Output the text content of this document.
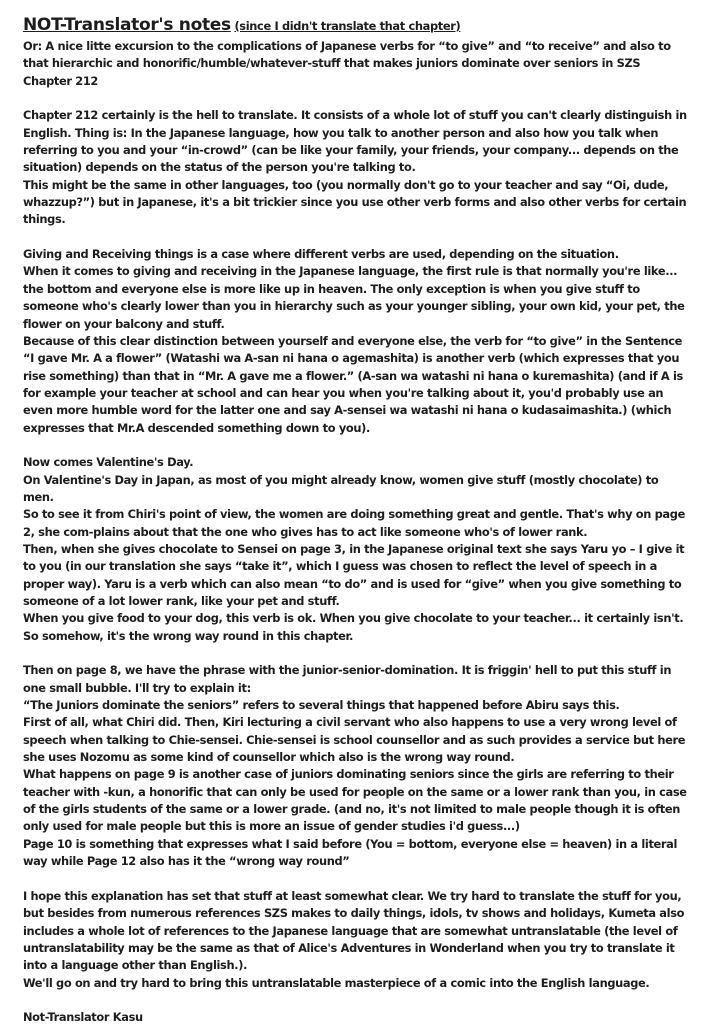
NOT-Translator's notes (since I didn't translate that chapter)

Or: A nice litte excursion to the complications of Japanese verbs for “to give” and “to receive” and also to that hierarchic and honorific/humble/whatever-stuff that makes juniors dominate over seniors in SZS Chapter 212

Chapter 212 certainly is the hell to translate. It consists of a whole lot of stuff you can't clearly distinguish in English. Thing is: In the Japanese language, how you talk to another person and also how you talk when referring to you and your “in-crowd” (can be like your family, your friends, your company... depends on the situation) depends on the status of the person you're talking to.

This might be the same in other languages, too (you normally don't go to your teacher and say “Oi, dude, whazzup?”) but in Japanese, it's a bit trickier since you use other verb forms and also other verbs for certain things.

Giving and Receiving things is a case where different verbs are used, depending on the situation.

When it comes to giving and receiving in the Japanese language, the first rule is that normally you're like... the bottom and everyone else is more like up in heaven. The only exception is when you give stuff to someone who's clearly lower than you in hierarchy such as your younger sibling, your own kid, your pet, the flower on your balcony and stuff.

Because of this clear distinction between yourself and everyone else, the verb for “to give” in the Sentence “I gave Mr. A a flower” (Watashi wa A-san ni hana o agemashita) is another verb (which expresses that you rise something) than that in “Mr. A gave me a flower.” (A-san wa watashi ni hana o kuremashita) (and if A is for example your teacher at school and can hear you when you're talking about it, you'd probably use an even more humble word for the latter one and say A-sensei wa watashi ni hana o kudasaimashita.) (which expresses that Mr.A descended something down to you).

Now comes Valentine's Day.

On Valentine's Day in Japan, as most of you might already know, women give stuff (mostly chocolate) to men.

So to see it from Chiri's point of view, the women are doing something great and gentle. That's why on page 2, she com-plains about that the one who gives has to act like someone who's of lower rank.

Then, when she gives chocolate to Sensei on page 3, in the Japanese original text she says Yaru yo – I give it to you (in our translation she says “take it”, which I guess was chosen to reflect the level of speech in a proper way). Yaru is a verb which can also mean “to do” and is used for “give” when you give something to someone of a lot lower rank, like your pet and stuff.

When you give food to your dog, this verb is ok. When you give chocolate to your teacher... it certainly isn't.

So somehow, it's the wrong way round in this chapter.

Then on page 8, we have the phrase with the junior-senior-domination. It is friggin' hell to put this stuff in one small bubble. I'll try to explain it:

“The Juniors dominate the seniors” refers to several things that happened before Abiru says this.

First of all, what Chiri did. Then, Kiri lecturing a civil servant who also happens to use a very wrong level of speech when talking to Chie-sensei. Chie-sensei is school counsellor and as such provides a service but here she uses Nozomu as some kind of counsellor which also is the wrong way round.

What happens on page 9 is another case of juniors dominating seniors since the girls are referring to their teacher with -kun, a honorific that can only be used for people on the same or a lower rank than you, in case of the girls students of the same or a lower grade. (and no, it's not limited to male people though it is often only used for male people but this is more an issue of gender studies i'd guess...)

Page 10 is something that expresses what I said before (You = bottom, everyone else = heaven) in a literal way while Page 12 also has it the “wrong way round”

I hope this explanation has set that stuff at least somewhat clear. We try hard to translate the stuff for you, but besides from numerous references SZS makes to daily things, idols, tv shows and holidays, Kumeta also includes a whole lot of references to the Japanese language that are somewhat untranslatable (the level of untranslatability may be the same as that of Alice's Adventures in Wonderland when you try to translate it into a language other than English.).

We'll go on and try hard to bring this untranslatable masterpiece of a comic into the English language.

Not-Translator Kasu
